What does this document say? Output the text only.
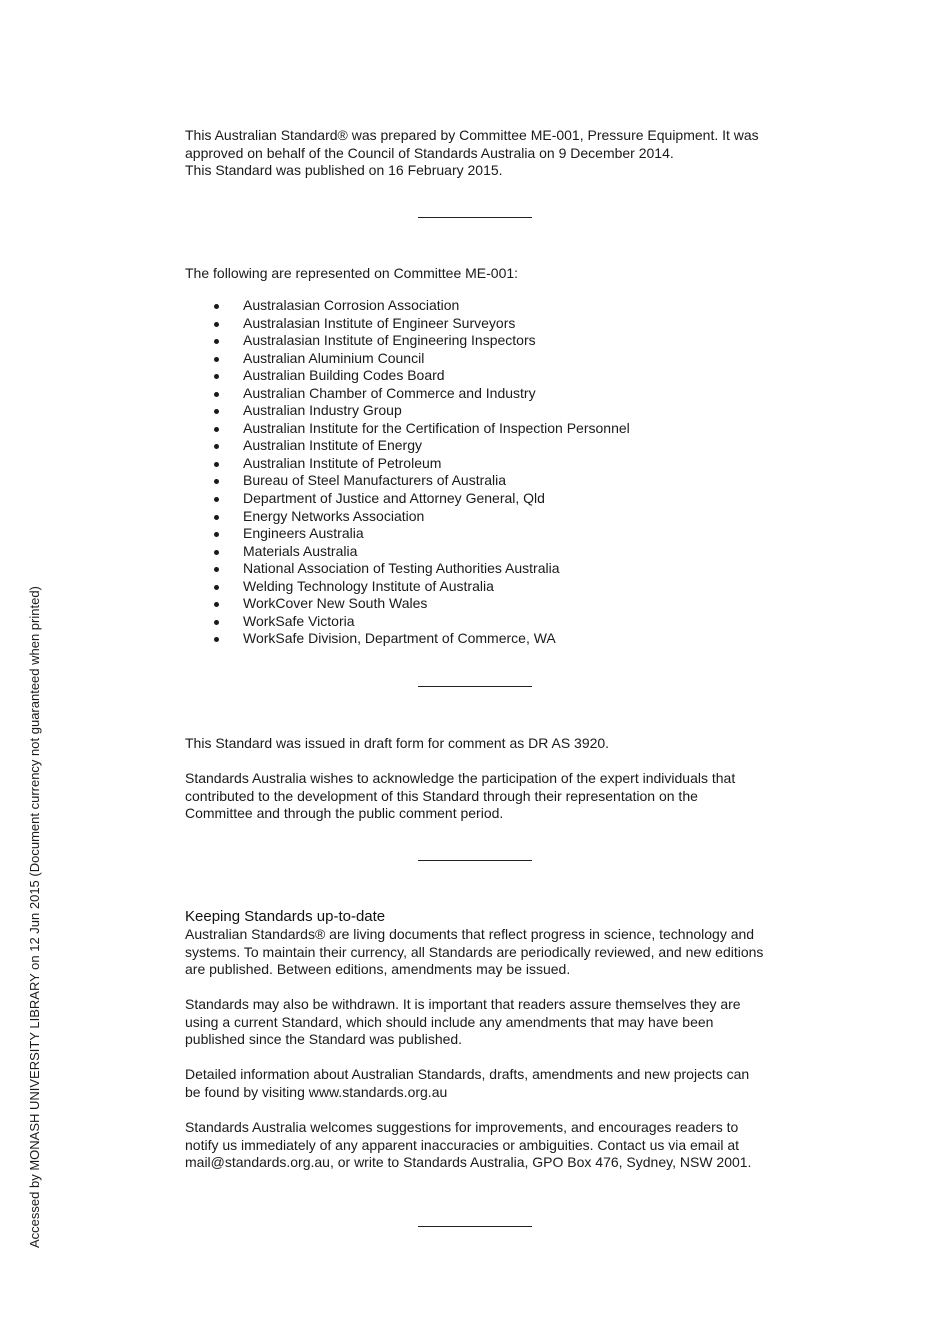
This Australian Standard® was prepared by Committee ME-001, Pressure Equipment. It was

approved on behalf of the Council of Standards Australia on 9 December 2014.

This Standard was published on 16 February 2015.

The following are represented on Committee ME-001:

Australasian Corrosion Association
Australasian Institute of Engineer Surveyors
Australasian Institute of Engineering Inspectors
Australian Aluminium Council
Australian Building Codes Board
Australian Chamber of Commerce and Industry
Australian Industry Group
Australian Institute for the Certification of Inspection Personnel
Australian Institute of Energy
Australian Institute of Petroleum
Bureau of Steel Manufacturers of Australia
Department of Justice and Attorney General, Qld
Energy Networks Association
Engineers Australia
Materials Australia
National Association of Testing Authorities Australia
Welding Technology Institute of Australia
WorkCover New South Wales
WorkSafe Victoria
WorkSafe Division, Department of Commerce, WA

This Standard was issued in draft form for comment as DR AS 3920.

Standards Australia wishes to acknowledge the participation of the expert individuals that

contributed to the development of this Standard through their representation on the

Committee and through the public comment period.

Keeping Standards up-to-date

Australian Standards® are living documents that reflect progress in science, technology and

systems. To maintain their currency, all Standards are periodically reviewed, and new editions

are published. Between editions, amendments may be issued.

Standards may also be withdrawn. It is important that readers assure themselves they are

using a current Standard, which should include any amendments that may have been

published since the Standard was published.

Detailed information about Australian Standards, drafts, amendments and new projects can

be found by visiting www.standards.org.au

Standards Australia welcomes suggestions for improvements, and encourages readers to

notify us immediately of any apparent inaccuracies or ambiguities. Contact us via email at

mail@standards.org.au, or write to Standards Australia, GPO Box 476, Sydney, NSW 2001.

Accessed by MONASH UNIVERSITY LIBRARY on 12 Jun 2015 (Document currency not guaranteed when printed)
